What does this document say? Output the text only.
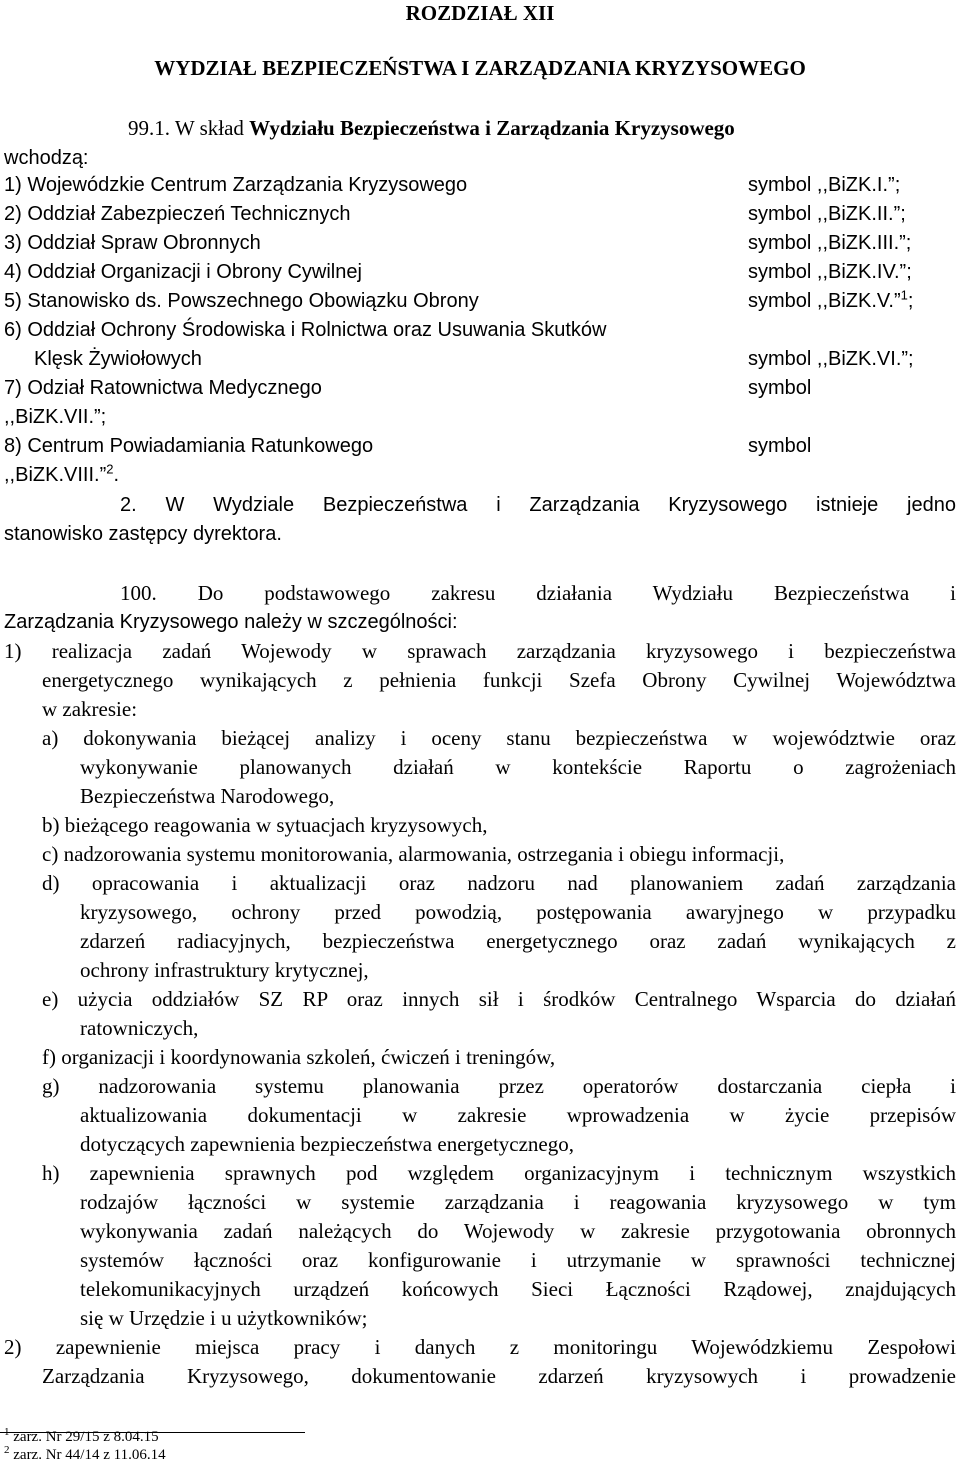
ROZDZIAŁ XII
WYDZIAŁ BEZPIECZEŃSTWA I ZARZĄDZANIA KRYZYSOWEGO
99.1. W skład Wydziału Bezpieczeństwa i Zarządzania Kryzysowego
wchodzą:
1) Wojewódzkie Centrum Zarządzania Kryzysowego	symbol ,,BiZK.I.”;
2) Oddział Zabezpieczeń Technicznych	symbol ,,BiZK.II.”;
3) Oddział Spraw Obronnych	symbol ,,BiZK.III.”;
4) Oddział Organizacji i Obrony Cywilnej	symbol ,,BiZK.IV.”;
5) Stanowisko ds. Powszechnego Obowiązku Obrony	symbol ,,BiZK.V.”$^1$;
6) Oddział Ochrony Środowiska i Rolnictwa oraz Usuwania Skutków
Klęsk Żywiołowych	symbol ,,BiZK.VI.”;
7) Odział Ratownictwa Medycznego	symbol
,,BiZK.VII.”;
8) Centrum Powiadamiania Ratunkowego	symbol
,,BiZK.VIII.”$^2$.
2. W Wydziale Bezpieczeństwa i Zarządzania Kryzysowego istnieje jedno
stanowisko zastępcy dyrektora.
100. Do podstawowego zakresu działania Wydziału Bezpieczeństwa i
Zarządzania Kryzysowego należy w szczególności:
1) realizacja zadań Wojewody w sprawach zarządzania kryzysowego i bezpieczeństwa
energetycznego wynikających z pełnienia funkcji Szefa Obrony Cywilnej Województwa
w zakresie:
a) dokonywania bieżącej analizy i oceny stanu bezpieczeństwa w województwie oraz
wykonywanie planowanych działań w kontekście Raportu o zagrożeniach
Bezpieczeństwa Narodowego,
b) bieżącego reagowania w sytuacjach kryzysowych,
c) nadzorowania systemu monitorowania, alarmowania, ostrzegania i obiegu informacji,
d) opracowania i aktualizacji oraz nadzoru nad planowaniem zadań zarządzania
kryzysowego, ochrony przed powodzią, postępowania awaryjnego w przypadku
zdarzeń radiacyjnych, bezpieczeństwa energetycznego oraz zadań wynikających z
ochrony infrastruktury krytycznej,
e) użycia oddziałów SZ RP oraz innych sił i środków Centralnego Wsparcia do działań
ratowniczych,
f) organizacji i koordynowania szkoleń, ćwiczeń i treningów,
g) nadzorowania systemu planowania przez operatorów dostarczania ciepła i
aktualizowania dokumentacji w zakresie wprowadzenia w życie przepisów
dotyczących zapewnienia bezpieczeństwa energetycznego,
h) zapewnienia sprawnych pod względem organizacyjnym i technicznym wszystkich
rodzajów łączności w systemie zarządzania i reagowania kryzysowego w tym
wykonywania zadań należących do Wojewody w zakresie przygotowania obronnych
systemów łączności oraz konfigurowanie i utrzymanie w sprawności technicznej
telekomunikacyjnych urządzeń końcowych Sieci Łączności Rządowej, znajdujących
się w Urzędzie i u użytkowników;
2) zapewnienie miejsca pracy i danych z monitoringu Wojewódzkiemu Zespołowi
Zarządzania Kryzysowego, dokumentowanie zdarzeń kryzysowych i prowadzenie
$^1$ zarz. Nr 29/15 z 8.04.15
$^2$ zarz. Nr 44/14 z 11.06.14
